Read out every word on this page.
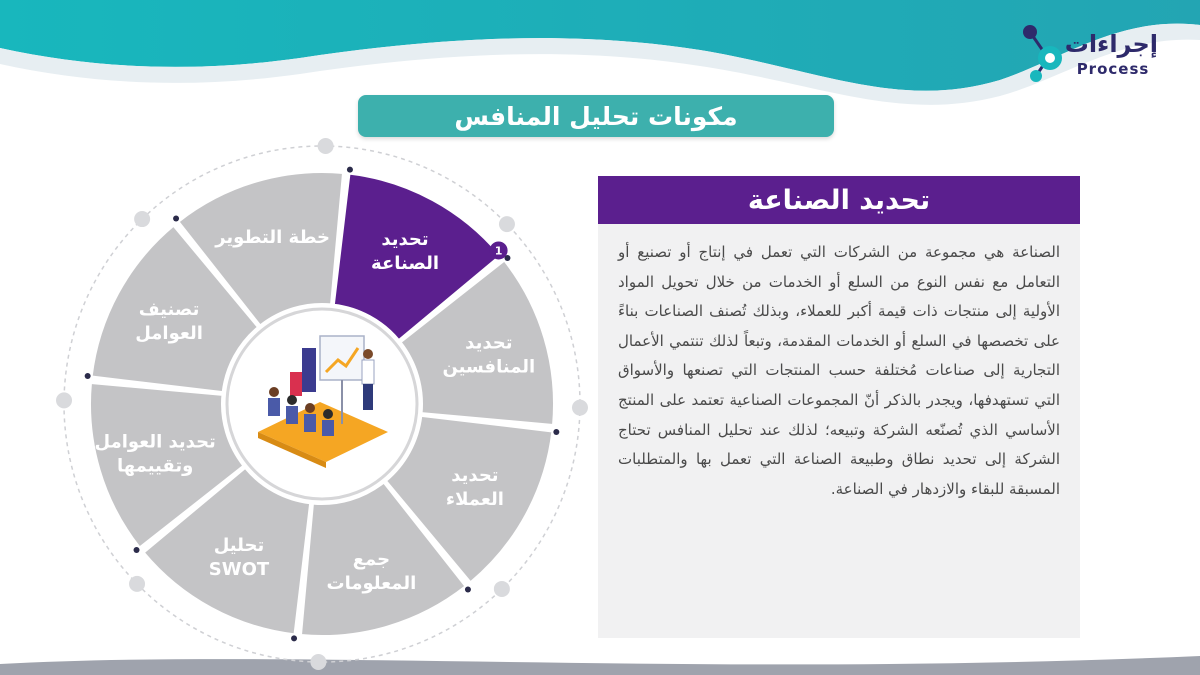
إجراءات
Process
مكونات تحليل المنافس
تحديد الصناعة
الصناعة هي مجموعة من الشركات التي تعمل في إنتاج أو تصنيع أو التعامل مع نفس النوع من السلع أو الخدمات من خلال تحويل المواد الأولية إلى منتجات ذات قيمة أكبر للعملاء، وبذلك تُصنف الصناعات بناءً على تخصصها في السلع أو الخدمات المقدمة، وتبعاً لذلك تنتمي الأعمال التجارية إلى صناعات مُختلفة حسب المنتجات التي تصنعها والأسواق التي تستهدفها، ويجدر بالذكر أنّ المجموعات الصناعية تعتمد على المنتج الأساسي الذي تُصنّعه الشركة وتبيعه؛ لذلك عند تحليل المنافس تحتاج الشركة إلى تحديد نطاق وطبيعة الصناعة التي تعمل بها والمتطلبات المسبقة للبقاء والازدهار في الصناعة.
تحديد الصناعة
تحديد المنافسين
تحديد العملاء
جمع المعلومات
تحليل SWOT
تحديد العوامل وتقييمها
تصنيف العوامل
خطة التطوير
1
